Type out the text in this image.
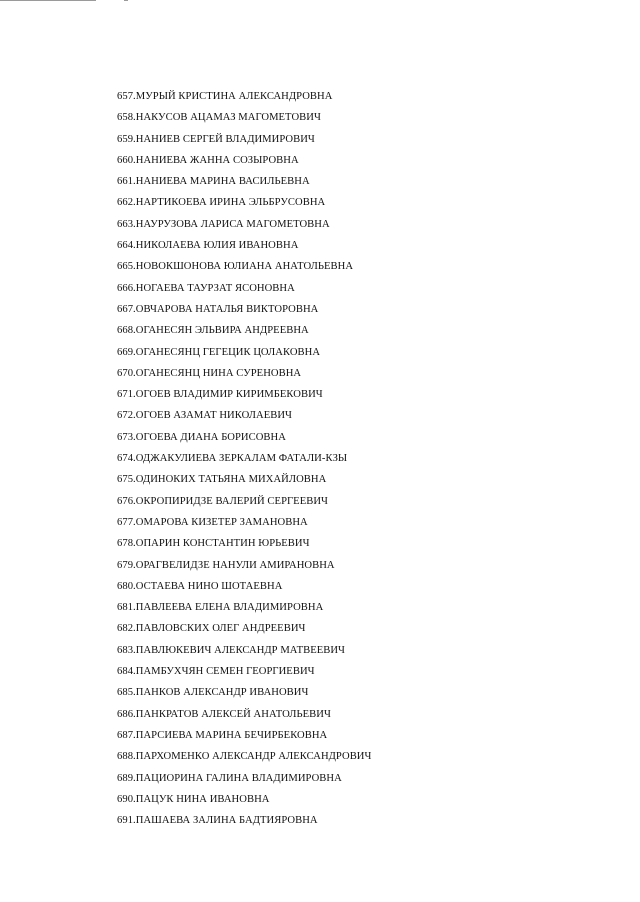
657.МУРЫЙ КРИСТИНА АЛЕКСАНДРОВНА
658.НАКУСОВ АЦАМАЗ МАГОМЕТОВИЧ
659.НАНИЕВ СЕРГЕЙ ВЛАДИМИРОВИЧ
660.НАНИЕВА ЖАННА СОЗЫРОВНА
661.НАНИЕВА МАРИНА ВАСИЛЬЕВНА
662.НАРТИКОЕВА ИРИНА ЭЛЬБРУСОВНА
663.НАУРУЗОВА ЛАРИСА МАГОМЕТОВНА
664.НИКОЛАЕВА ЮЛИЯ ИВАНОВНА
665.НОВОКШОНОВА ЮЛИАНА АНАТОЛЬЕВНА
666.НОГАЕВА ТАУРЗАТ ЯСОНОВНА
667.ОВЧАРОВА НАТАЛЬЯ ВИКТОРОВНА
668.ОГАНЕСЯН ЭЛЬВИРА АНДРЕЕВНА
669.ОГАНЕСЯНЦ ГЕГЕЦИК ЦОЛАКОВНА
670.ОГАНЕСЯНЦ НИНА СУРЕНОВНА
671.ОГОЕВ ВЛАДИМИР КИРИМБЕКОВИЧ
672.ОГОЕВ АЗАМАТ НИКОЛАЕВИЧ
673.ОГОЕВА ДИАНА БОРИСОВНА
674.ОДЖАКУЛИЕВА ЗЕРКАЛАМ ФАТАЛИ-КЗЫ
675.ОДИНОКИХ ТАТЬЯНА МИХАЙЛОВНА
676.ОКРОПИРИДЗЕ ВАЛЕРИЙ СЕРГЕЕВИЧ
677.ОМАРОВА КИЗЕТЕР ЗАМАНОВНА
678.ОПАРИН КОНСТАНТИН ЮРЬЕВИЧ
679.ОРАГВЕЛИДЗЕ НАНУЛИ АМИРАНОВНА
680.ОСТАЕВА НИНО ШОТАЕВНА
681.ПАВЛЕЕВА ЕЛЕНА ВЛАДИМИРОВНА
682.ПАВЛОВСКИХ ОЛЕГ АНДРЕЕВИЧ
683.ПАВЛЮКЕВИЧ АЛЕКСАНДР МАТВЕЕВИЧ
684.ПАМБУХЧЯН СЕМЕН ГЕОРГИЕВИЧ
685.ПАНКОВ АЛЕКСАНДР ИВАНОВИЧ
686.ПАНКРАТОВ АЛЕКСЕЙ АНАТОЛЬЕВИЧ
687.ПАРСИЕВА МАРИНА БЕЧИРБЕКОВНА
688.ПАРХОМЕНКО АЛЕКСАНДР АЛЕКСАНДРОВИЧ
689.ПАЦИОРИНА ГАЛИНА ВЛАДИМИРОВНА
690.ПАЦУК НИНА ИВАНОВНА
691.ПАШАЕВА ЗАЛИНА БАДТИЯРОВНА
